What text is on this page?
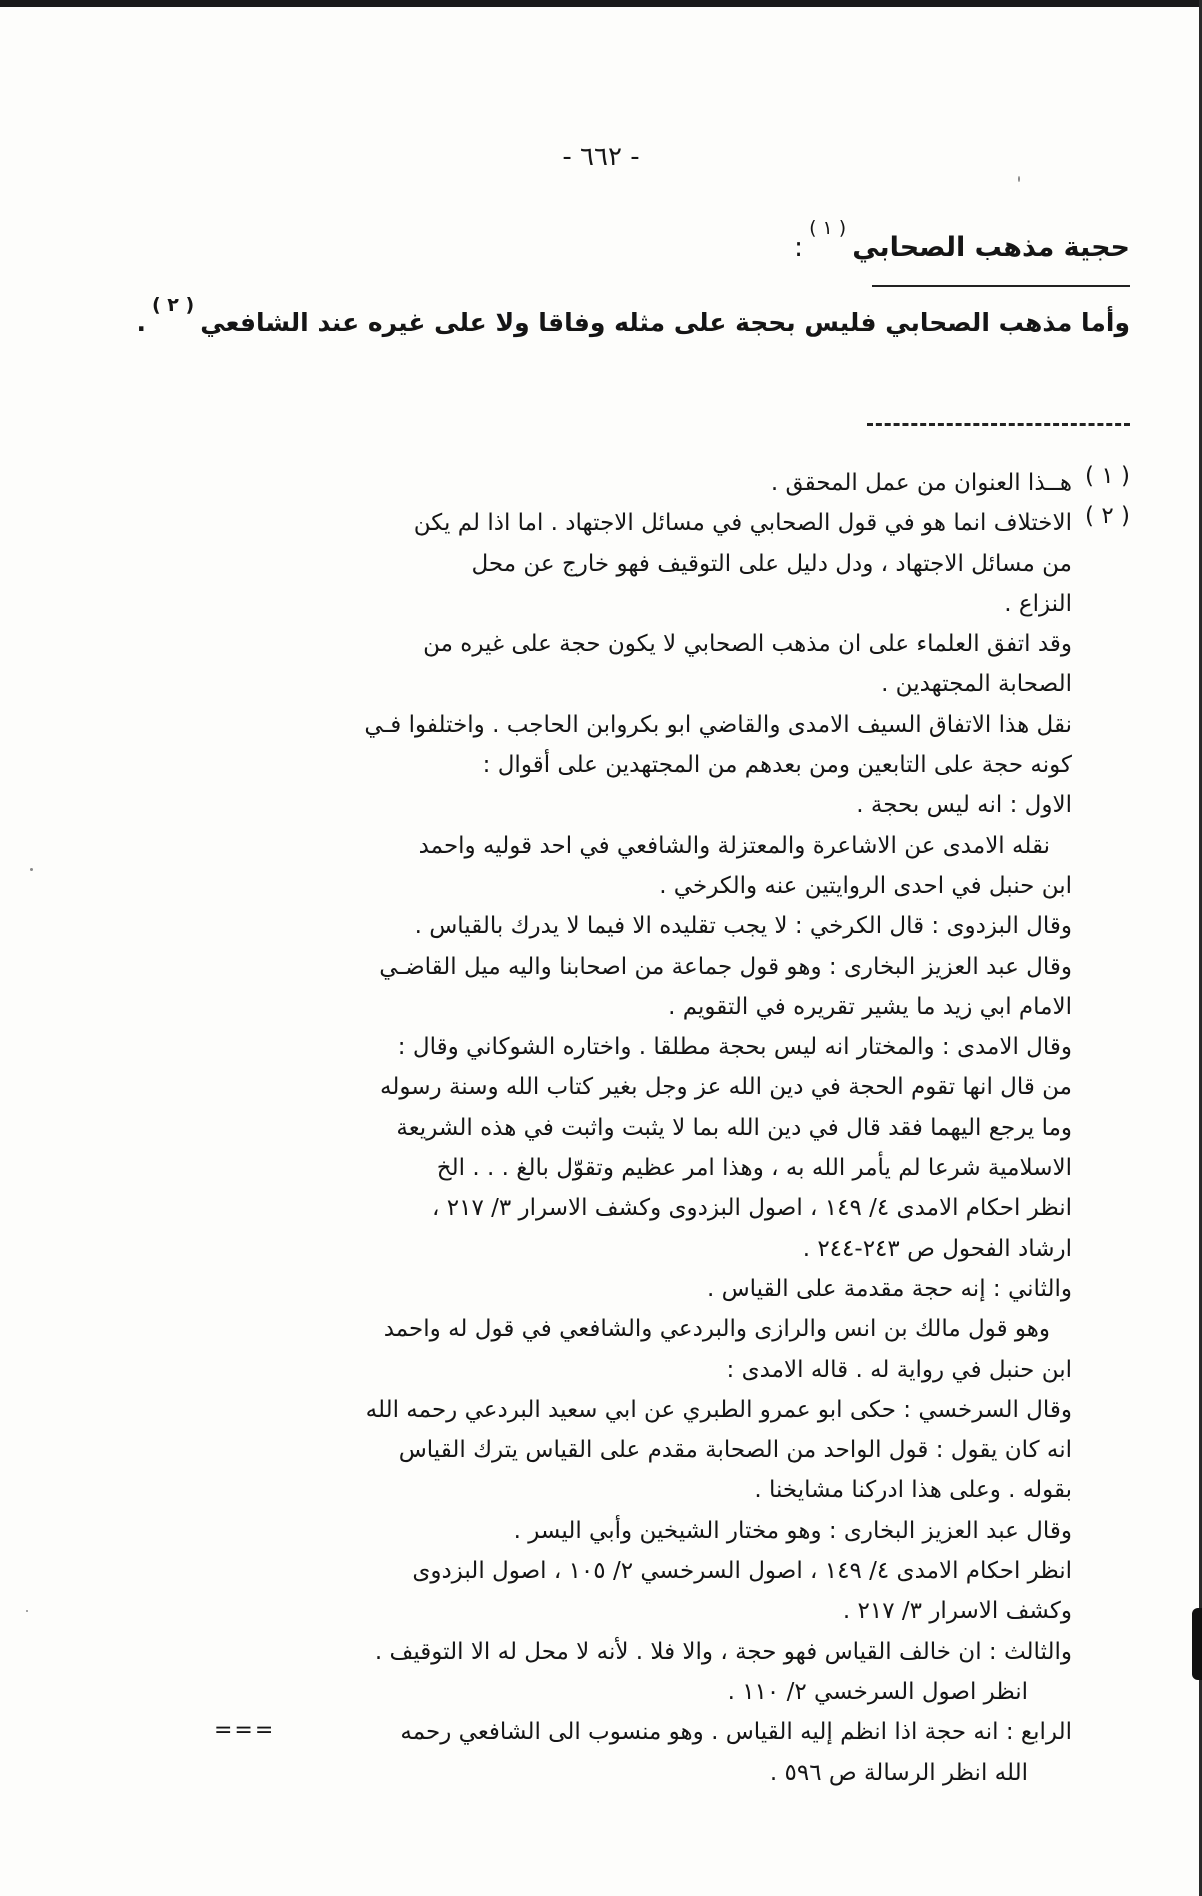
- ٦٦٢ -
حجية مذهب الصحابي( ١ ):
وأما مذهب الصحابي فليس بحجة على مثله وفاقا ولا على غيره عند الشافعي$^{( ٢ )}$.
( ١ )
هــذا العنوان من عمل المحقق .
( ٢ )
الاختلاف انما هو في قول الصحابي في مسائل الاجتهاد . اما اذا لم يكن
من مسائل الاجتهاد ، ودل دليل على التوقيف فهو خارج عن محل
النزاع .
وقد اتفق العلماء على ان مذهب الصحابي لا يكون حجة على غيره من
الصحابة المجتهدين .
نقل هذا الاتفاق السيف الامدى والقاضي ابو بكروابن الحاجب . واختلفوا فـي
كونه حجة على التابعين ومن بعدهم من المجتهدين على أقوال :
الاول : انه ليس بحجة .
نقله الامدى عن الاشاعرة والمعتزلة والشافعي في احد قوليه واحمد
ابن حنبل في احدى الروايتين عنه والكرخي .
وقال البزدوى : قال الكرخي : لا يجب تقليده الا فيما لا يدرك بالقياس .
وقال عبد العزيز البخارى : وهو قول جماعة من اصحابنا واليه ميل القاضـي
الامام ابي زيد ما يشير تقريره في التقويم .
وقال الامدى : والمختار انه ليس بحجة مطلقا . واختاره الشوكاني وقال :
من قال انها تقوم الحجة في دين الله عز وجل بغير كتاب الله وسنة رسوله
وما يرجع اليهما فقد قال في دين الله بما لا يثبت واثبت في هذه الشريعة
الاسلامية شرعا لم يأمر الله به ، وهذا امر عظيم وتقوّل بالغ . . . الخ
انظر احكام الامدى ٤/ ١٤٩ ، اصول البزدوى وكشف الاسرار ٣/ ٢١٧ ،
ارشاد الفحول ص ٢٤٣-٢٤٤ .
والثاني : إنه حجة مقدمة على القياس .
وهو قول مالك بن انس والرازى والبردعي والشافعي في قول له واحمد
ابن حنبل في رواية له . قاله الامدى :
وقال السرخسي : حكى ابو عمرو الطبري عن ابي سعيد البردعي رحمه الله
انه كان يقول : قول الواحد من الصحابة مقدم على القياس يترك القياس
بقوله . وعلى هذا ادركنا مشايخنا .
وقال عبد العزيز البخارى : وهو مختار الشيخين وأبي اليسر .
انظر احكام الامدى ٤/ ١٤٩ ، اصول السرخسي ٢/ ١٠٥ ، اصول البزدوى
وكشف الاسرار ٣/ ٢١٧ .
والثالث : ان خالف القياس فهو حجة ، والا فلا . لأنه لا محل له الا التوقيف .
انظر اصول السرخسي ٢/ ١١٠ .
الرابع : انه حجة اذا انظم إليه القياس . وهو منسوب الى الشافعي رحمه
الله انظر الرسالة ص ٥٩٦ .
===
